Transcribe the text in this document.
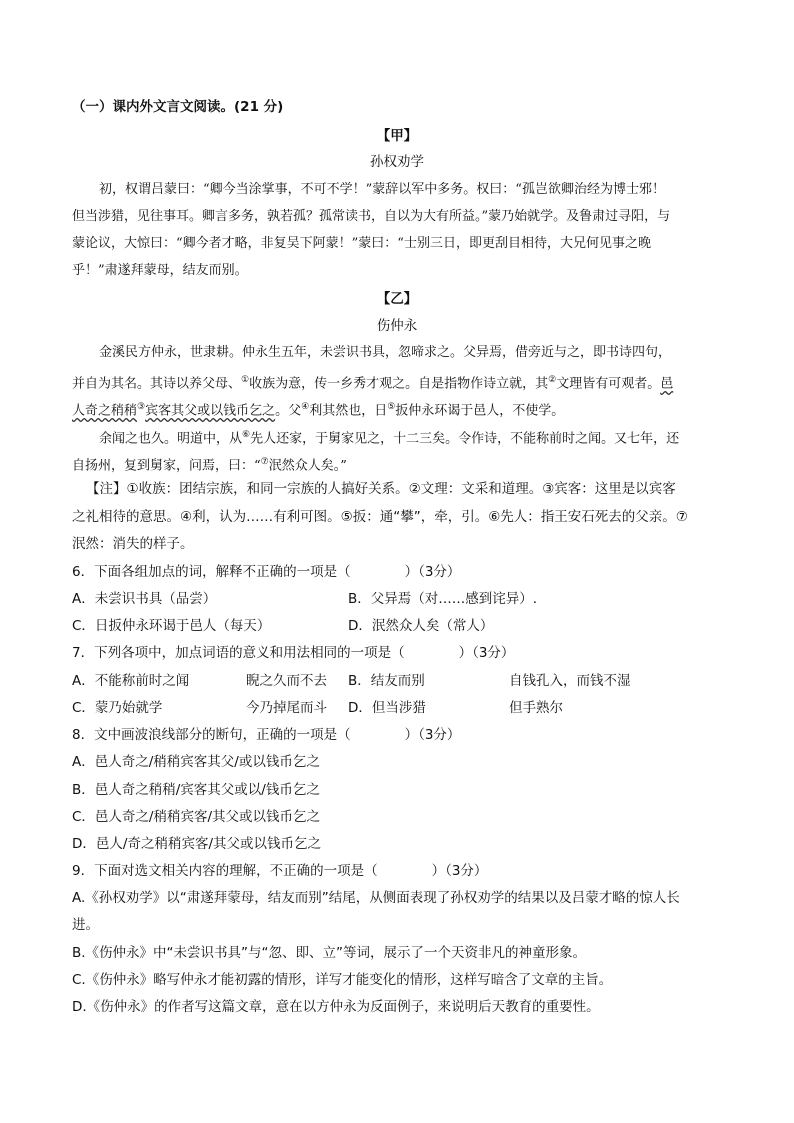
（一）课内外文言文阅读。(21 分)
【甲】
孙权劝学
初，权谓吕蒙曰：“卿今当涂掌事，不可不学！”蒙辞以军中多务。权曰：“孤岂欲卿治经为博士邪！
但当涉猎，见往事耳。卿言多务，孰若孤？孤常读书，自以为大有所益。”蒙乃始就学。及鲁肃过寻阳，与
蒙论议，大惊曰：“卿今者才略，非复吴下阿蒙！”蒙曰：“士别三日，即更刮目相待，大兄何见事之晚
乎！”肃遂拜蒙母，结友而别。
【乙】
伤仲永
金溪民方仲永，世隶耕。仲永生五年，未尝识书具，忽啼求之。父异焉，借旁近与之，即书诗四句，
并自为其名。其诗以养父母、①收族为意，传一乡秀才观之。自是指物作诗立就，其②文理皆有可观者。邑
人奇之稍稍③宾客其父或以钱币乞之。父④利其然也，日⑤扳仲永环谒于邑人，不使学。
余闻之也久。明道中，从⑥先人还家，于舅家见之，十二三矣。令作诗，不能称前时之闻。又七年，还
自扬州，复到舅家，问焉，曰：“⑦泯然众人矣。”
【注】①收族：团结宗族，和同一宗族的人搞好关系。②文理：文采和道理。③宾客：这里是以宾客
之礼相待的意思。④利，认为……有利可图。⑤扳：通“攀”，牵，引。⑥先人：指王安石死去的父亲。⑦
泯然：消失的样子。
6．下面各组加点的词，解释不正确的一项是（　　　　）（3分）
A．未尝识书具（品尝）	B．父异焉（对……感到诧异）.
C．日扳仲永环谒于邑人（每天）	D．泯然众人矣（常人）
7．下列各项中，加点词语的意义和用法相同的一项是（　　　　）（3分）
A．不能称前时之闻	睨之久而不去	B．结友而别	自钱孔入，而钱不湿
C．蒙乃始就学	今乃掉尾而斗	D．但当涉猎	但手熟尔
8．文中画波浪线部分的断句，正确的一项是（　　　　）（3分）
A．邑人奇之/稍稍宾客其父/或以钱币乞之
B．邑人奇之稍稍/宾客其父或以/钱币乞之
C．邑人奇之/稍稍宾客/其父或以钱币乞之
D．邑人/奇之稍稍宾客/其父或以钱币乞之
9．下面对选文相关内容的理解，不正确的一项是（　　　　）（3分）
A.《孙权劝学》以“肃遂拜蒙母，结友而别”结尾，从侧面表现了孙权劝学的结果以及吕蒙才略的惊人长
进。
B.《伤仲永》中“未尝识书具”与“忽、即、立”等词，展示了一个天资非凡的神童形象。
C.《伤仲永》略写仲永才能初露的情形，详写才能变化的情形，这样写暗含了文章的主旨。
D.《伤仲永》的作者写这篇文章，意在以方仲永为反面例子，来说明后天教育的重要性。
